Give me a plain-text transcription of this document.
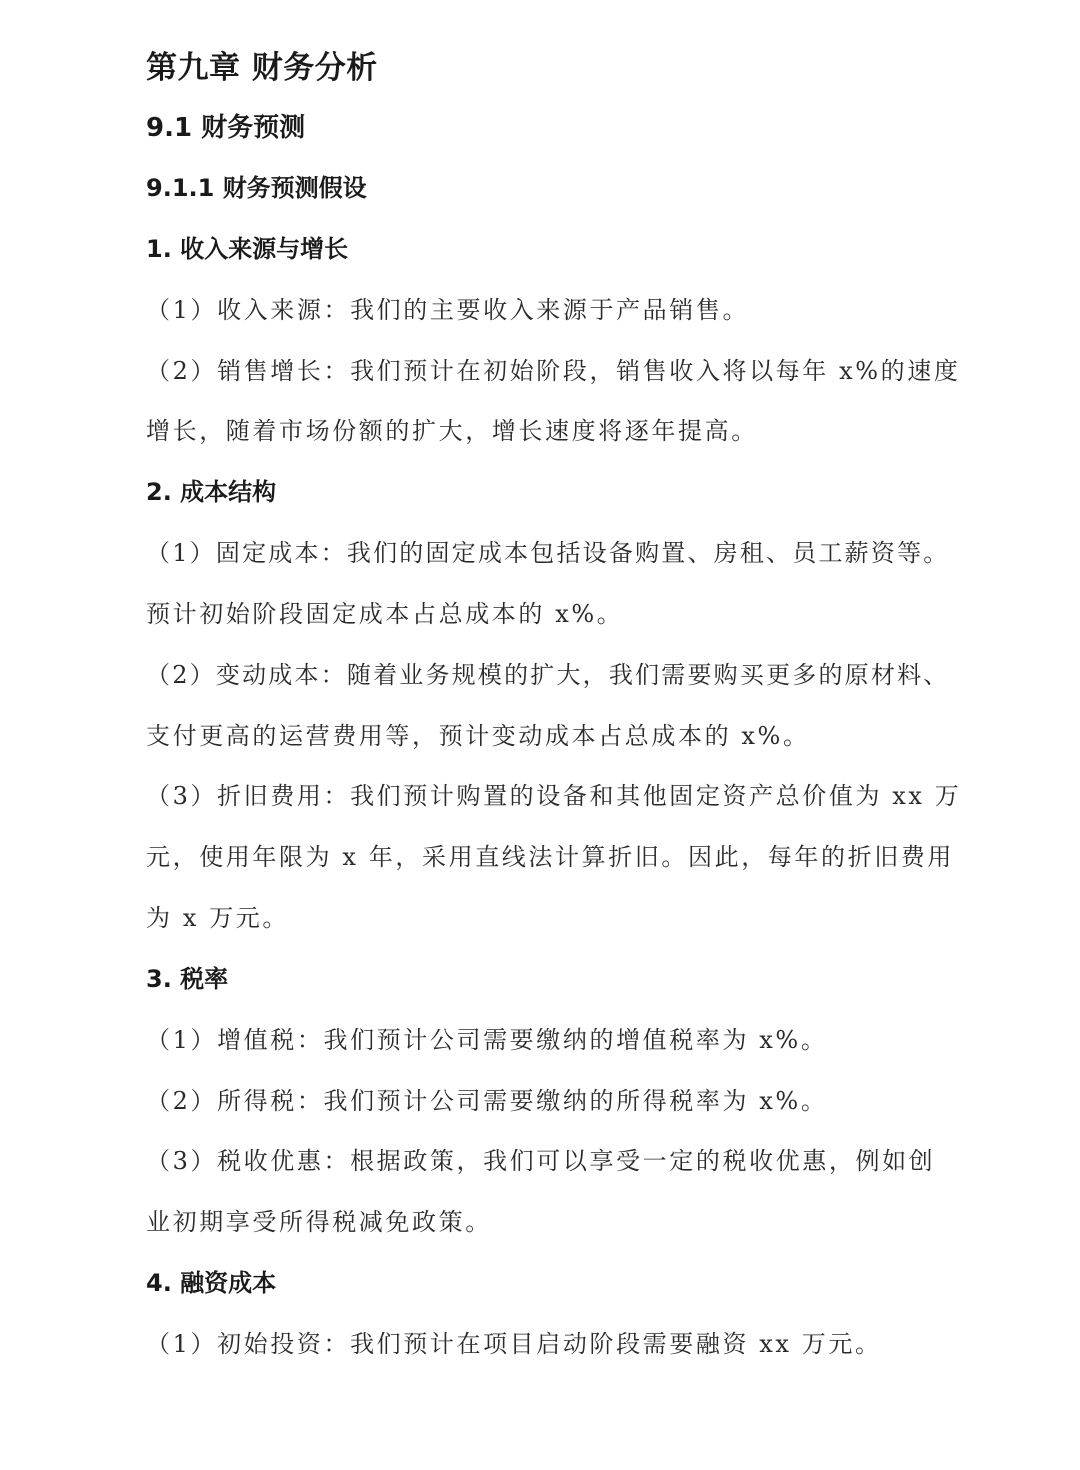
第九章 财务分析
9.1 财务预测
9.1.1 财务预测假设
1. 收入来源与增长

（1）收入来源：我们的主要收入来源于产品销售。

（2）销售增长：我们预计在初始阶段，销售收入将以每年 x%的速度

增长，随着市场份额的扩大，增长速度将逐年提高。

2. 成本结构

（1）固定成本：我们的固定成本包括设备购置、房租、员工薪资等。

预计初始阶段固定成本占总成本的 x%。

（2）变动成本：随着业务规模的扩大，我们需要购买更多的原材料、

支付更高的运营费用等，预计变动成本占总成本的 x%。

（3）折旧费用：我们预计购置的设备和其他固定资产总价值为 xx 万

元，使用年限为 x 年，采用直线法计算折旧。因此，每年的折旧费用

为 x 万元。

3. 税率

（1）增值税：我们预计公司需要缴纳的增值税率为 x%。

（2）所得税：我们预计公司需要缴纳的所得税率为 x%。

（3）税收优惠：根据政策，我们可以享受一定的税收优惠，例如创

业初期享受所得税减免政策。

4. 融资成本

（1）初始投资：我们预计在项目启动阶段需要融资 xx 万元。
